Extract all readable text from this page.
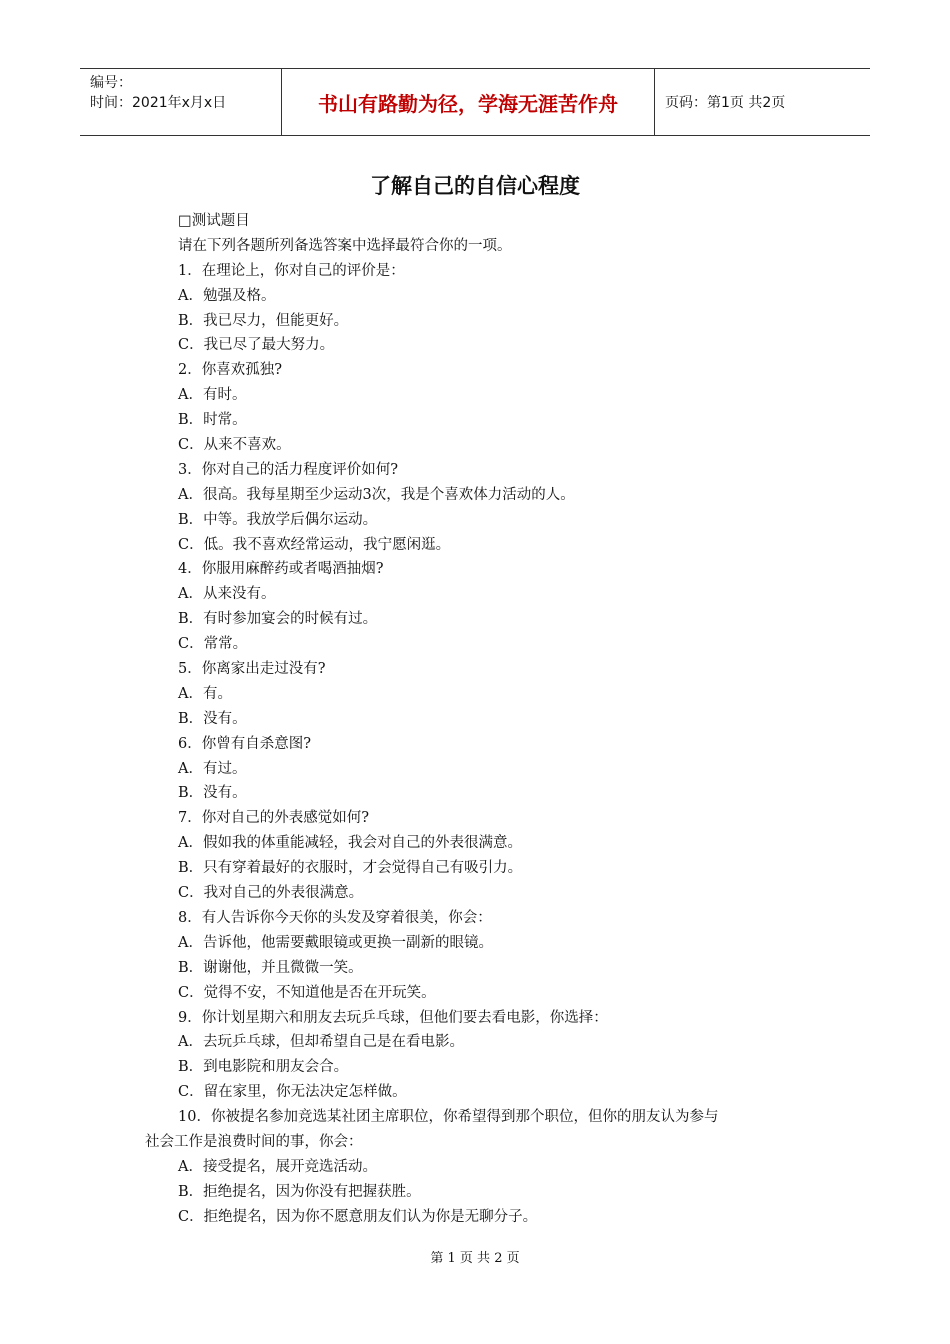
编号：
时间：2021年x月x日	书山有路勤为径，学海无涯苦作舟	页码：第1页 共2页
了解自己的自信心程度
□测试题目
请在下列各题所列备选答案中选择最符合你的一项。
1．在理论上，你对自己的评价是：
A．勉强及格。
B．我已尽力，但能更好。
C．我已尽了最大努力。
2．你喜欢孤独?
A．有时。
B．时常。
C．从来不喜欢。
3．你对自己的活力程度评价如何?
A．很高。我每星期至少运动3次，我是个喜欢体力活动的人。
B．中等。我放学后偶尔运动。
C．低。我不喜欢经常运动，我宁愿闲逛。
4．你服用麻醉药或者喝酒抽烟?
A．从来没有。
B．有时参加宴会的时候有过。
C．常常。
5．你离家出走过没有?
A．有。
B．没有。
6．你曾有自杀意图?
A．有过。
B．没有。
7．你对自己的外表感觉如何?
A．假如我的体重能减轻，我会对自己的外表很满意。
B．只有穿着最好的衣服时，才会觉得自己有吸引力。
C．我对自己的外表很满意。
8．有人告诉你今天你的头发及穿着很美，你会：
A．告诉他，他需要戴眼镜或更换一副新的眼镜。
B．谢谢他，并且微微一笑。
C．觉得不安，不知道他是否在开玩笑。
9．你计划星期六和朋友去玩乒乓球，但他们要去看电影，你选择：
A．去玩乒乓球，但却希望自己是在看电影。
B．到电影院和朋友会合。
C．留在家里，你无法决定怎样做。
10．你被提名参加竞选某社团主席职位，你希望得到那个职位，但你的朋友认为参与
社会工作是浪费时间的事，你会：
A．接受提名，展开竞选活动。
B．拒绝提名，因为你没有把握获胜。
C．拒绝提名，因为你不愿意朋友们认为你是无聊分子。
第 1 页 共 2 页
